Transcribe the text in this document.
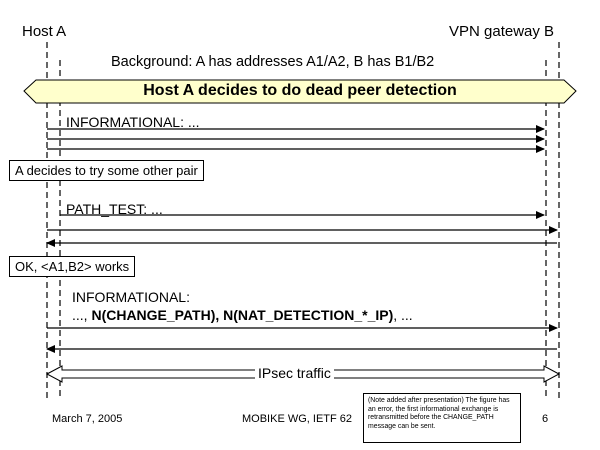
Host A	VPN gateway B
Background: A has addresses A1/A2, B has B1/B2
Host A decides to do dead peer detection
INFORMATIONAL: ...
A decides to try some other pair
PATH_TEST: ...
OK, <A1,B2> works
INFORMATIONAL:
..., N(CHANGE_PATH), N(NAT_DETECTION_*_IP), ...
IPsec traffic
March 7, 2005	MOBIKE WG, IETF 62
(Note added after presentation) The figure has an error, the first informational exchange is retransmitted before the CHANGE_PATH message can be sent.
6
